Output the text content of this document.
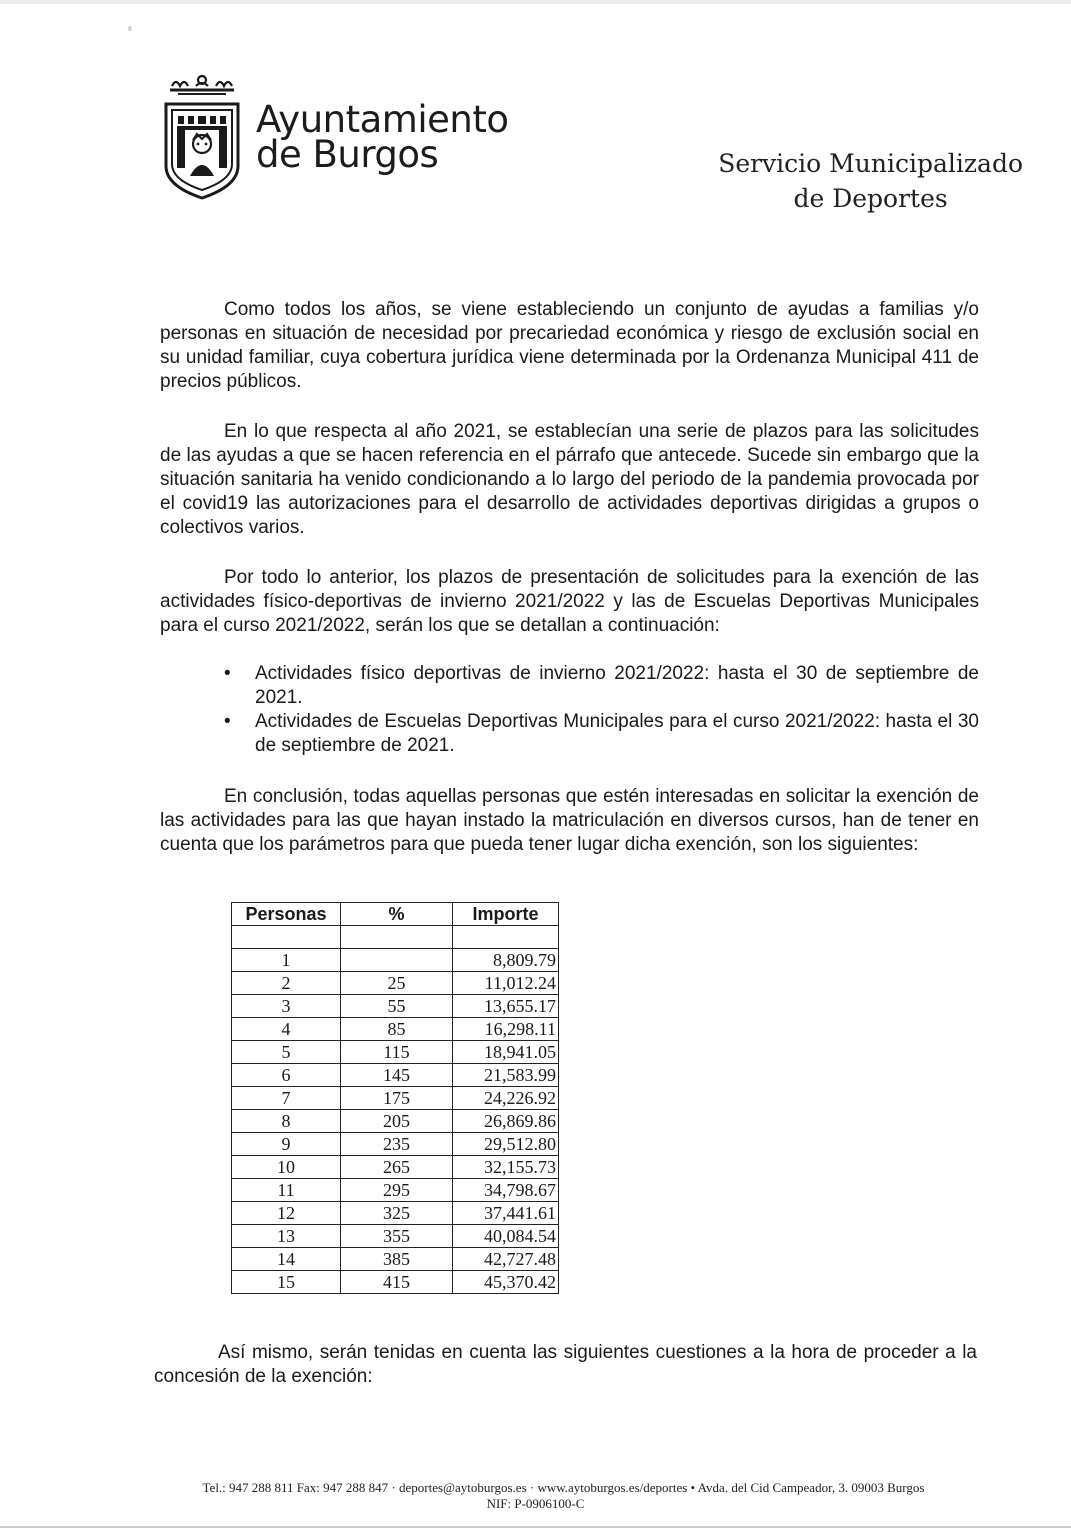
¢
Ayuntamiento
de Burgos	Servicio Municipalizado
de Deportes

Como todos los años, se viene estableciendo un conjunto de ayudas a familias y/o personas en situación de necesidad por precariedad económica y riesgo de exclusión social en su unidad familiar, cuya cobertura jurídica viene determinada por la Ordenanza Municipal 411 de precios públicos.

En lo que respecta al año 2021, se establecían una serie de plazos para las solicitudes de las ayudas a que se hacen referencia en el párrafo que antecede. Sucede sin embargo que la situación sanitaria ha venido condicionando a lo largo del periodo de la pandemia provocada por el covid19 las autorizaciones para el desarrollo de actividades deportivas dirigidas a grupos o colectivos varios.

Por todo lo anterior, los plazos de presentación de solicitudes para la exención de las actividades físico-deportivas de invierno 2021/2022 y las de Escuelas Deportivas Municipales para el curso 2021/2022, serán los que se detallan a continuación:

• Actividades físico deportivas de invierno 2021/2022: hasta el 30 de septiembre de 2021.
• Actividades de Escuelas Deportivas Municipales para el curso 2021/2022: hasta el 30 de septiembre de 2021.

En conclusión, todas aquellas personas que estén interesadas en solicitar la exención de las actividades para las que hayan instado la matriculación en diversos cursos, han de tener en cuenta que los parámetros para que pueda tener lugar dicha exención, son los siguientes:

Personas	%	Importe

1		8,809.79
2	25	11,012.24
3	55	13,655.17
4	85	16,298.11
5	115	18,941.05
6	145	21,583.99
7	175	24,226.92
8	205	26,869.86
9	235	29,512.80
10	265	32,155.73
11	295	34,798.67
12	325	37,441.61
13	355	40,084.54
14	385	42,727.48
15	415	45,370.42

Así mismo, serán tenidas en cuenta las siguientes cuestiones a la hora de proceder a la concesión de la exención:

Tel.: 947 288 811 Fax: 947 288 847 · deportes@aytoburgos.es · www.aytoburgos.es/deportes • Avda. del Cid Campeador, 3. 09003 Burgos
NIF: P-0906100-C
